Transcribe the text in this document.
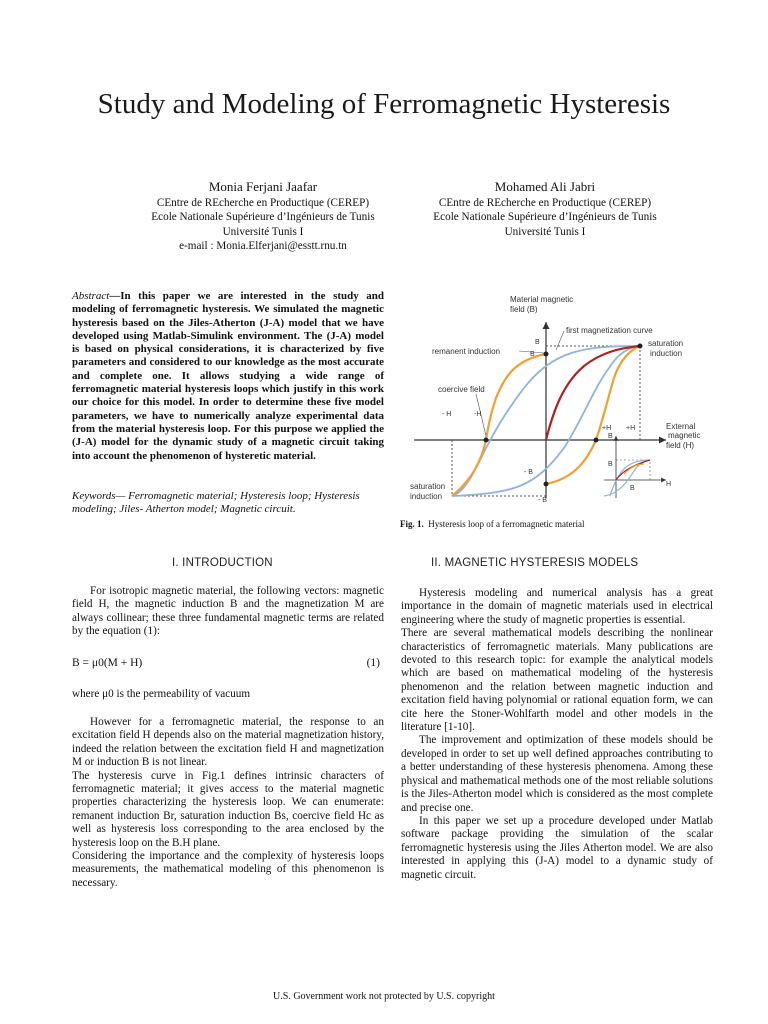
Study and Modeling of Ferromagnetic Hysteresis
Monia Ferjani Jaafar
CEntre de REcherche en Productique (CEREP)
Ecole Nationale Supérieure d’Ingénieurs de Tunis
Université Tunis I
e-mail : Monia.Elferjani@esstt.rnu.tn
Mohamed Ali Jabri
CEntre de REcherche en Productique (CEREP)
Ecole Nationale Supérieure d’Ingénieurs de Tunis
Université Tunis I
Abstract—In this paper we are interested in the study and modeling of ferromagnetic hysteresis. We simulated the magnetic hysteresis based on the Jiles-Atherton (J-A) model that we have developed using Matlab-Simulink environment. The (J-A) model is based on physical considerations, it is characterized by five parameters and considered to our knowledge as the most accurate and complete one. It allows studying a wide range of ferromagnetic material hysteresis loops which justify in this work our choice for this model. In order to determine these five model parameters, we have to numerically analyze experimental data from the material hysteresis loop. For this purpose we applied the (J-A) model for the dynamic study of a magnetic circuit taking into account the phenomenon of hysteretic material.
Keywords— Ferromagnetic material; Hysteresis loop; Hysteresis modeling; Jiles- Atherton model; Magnetic circuit.
Material magnetic
field (B)
first magnetization curve
remanent induction
saturation
induction
coercive field
External
magnetic
field (H)
saturation
induction
B
B
- H	-H
+H +H
- B
- B
B
H
B
B
Fig. 1. Hysteresis loop of a ferromagnetic material
I. INTRODUCTION	II. MAGNETIC HYSTERESIS MODELS

For isotropic magnetic material, the following vectors: magnetic field H, the magnetic induction B and the magnetization M are always collinear; these three fundamental magnetic terms are related by the equation (1):

B = μ0(M + H)	(1)

where μ0 is the permeability of vacuum

However for a ferromagnetic material, the response to an excitation field H depends also on the material magnetization history, indeed the relation between the excitation field H and magnetization M or induction B is not linear.

The hysteresis curve in Fig.1 defines intrinsic characters of ferromagnetic material; it gives access to the material magnetic properties characterizing the hysteresis loop. We can enumerate: remanent induction Br, saturation induction Bs, coercive field Hc as well as hysteresis loss corresponding to the area enclosed by the hysteresis loop on the B.H plane.

Considering the importance and the complexity of hysteresis loops measurements, the mathematical modeling of this phenomenon is necessary.

Hysteresis modeling and numerical analysis has a great importance in the domain of magnetic materials used in electrical engineering where the study of magnetic properties is essential.

There are several mathematical models describing the nonlinear characteristics of ferromagnetic materials. Many publications are devoted to this research topic: for example the analytical models which are based on mathematical modeling of the hysteresis phenomenon and the relation between magnetic induction and excitation field having polynomial or rational equation form, we can cite here the Stoner-Wohlfarth model and other models in the literature [1-10].

The improvement and optimization of these models should be developed in order to set up well defined approaches contributing to a better understanding of these hysteresis phenomena. Among these physical and mathematical methods one of the most reliable solutions is the Jiles-Atherton model which is considered as the most complete and precise one.

In this paper we set up a procedure developed under Matlab software package providing the simulation of the scalar ferromagnetic hysteresis using the Jiles Atherton model. We are also interested in applying this (J-A) model to a dynamic study of magnetic circuit.

U.S. Government work not protected by U.S. copyright
